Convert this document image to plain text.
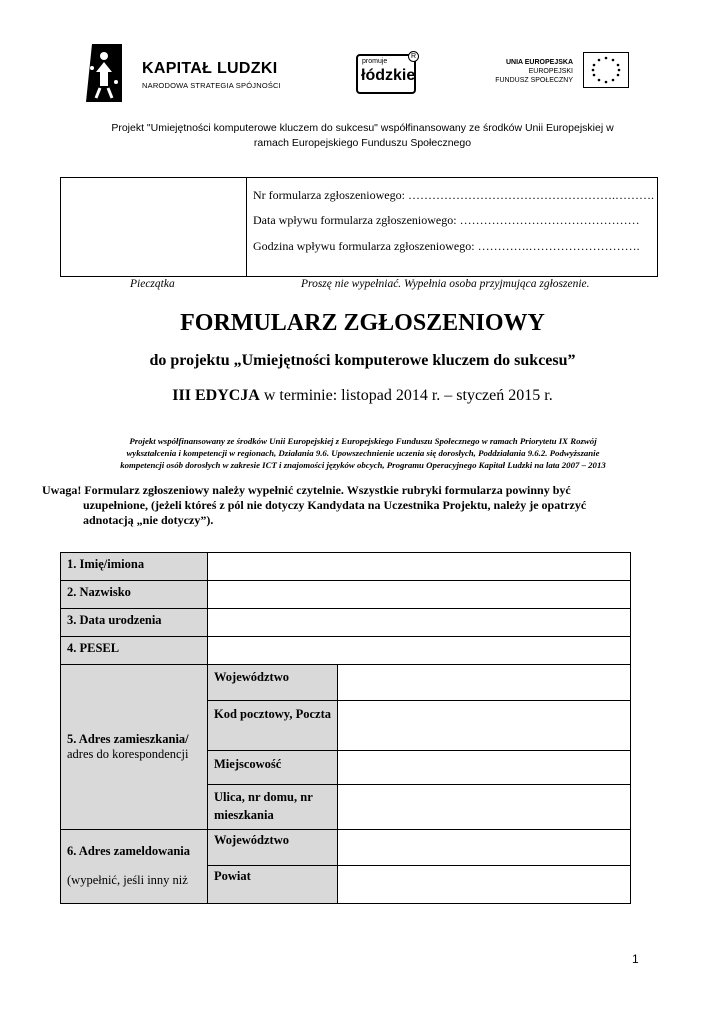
KAPITAŁ LUDZKI
NARODOWA STRATEGIA SPÓJNOŚCI
promuje
łódzkie
R
UNIA EUROPEJSKA
EUROPEJSKI
FUNDUSZ SPOŁECZNY
Projekt "Umiejętności komputerowe kluczem do sukcesu" współfinansowany ze środków Unii Europejskiej w
ramach Europejskiego Funduszu Społecznego
Nr formularza zgłoszeniowego: …………………………………………….……….
Data wpływu formularza zgłoszeniowego: ………………………………………
Godzina wpływu formularza zgłoszeniowego: ………….……………………….
Pieczątka	Proszę nie wypełniać. Wypełnia osoba przyjmująca zgłoszenie.
FORMULARZ ZGŁOSZENIOWY
do projektu „Umiejętności komputerowe kluczem do sukcesu”
III EDYCJA w terminie: listopad 2014 r. – styczeń 2015 r.
Projekt współfinansowany ze środków Unii Europejskiej z Europejskiego Funduszu Społecznego w ramach Priorytetu IX Rozwój
wykształcenia i kompetencji w regionach, Działania 9.6. Upowszechnienie uczenia się dorosłych, Poddziałania 9.6.2. Podwyższanie
kompetencji osób dorosłych w zakresie ICT i znajomości języków obcych, Programu Operacyjnego Kapitał Ludzki na lata 2007 – 2013
Uwaga! Formularz zgłoszeniowy należy wypełnić czytelnie. Wszystkie rubryki formularza powinny być
uzupełnione, (jeżeli któreś z pól nie dotyczy Kandydata na Uczestnika Projektu, należy je opatrzyć
adnotacją „nie dotyczy”).
1. Imię/imiona		
2. Nazwisko		
3. Data urodzenia		
4. PESEL		

5. Adres zamieszkania/
adres do korespondencji	Województwo	
	Kod pocztowy, Poczta	
	Miejscowość	
	Ulica, nr domu, nr mieszkania	

6. Adres zameldowania
(wypełnić, jeśli inny niż	Województwo	
	Powiat	
1
